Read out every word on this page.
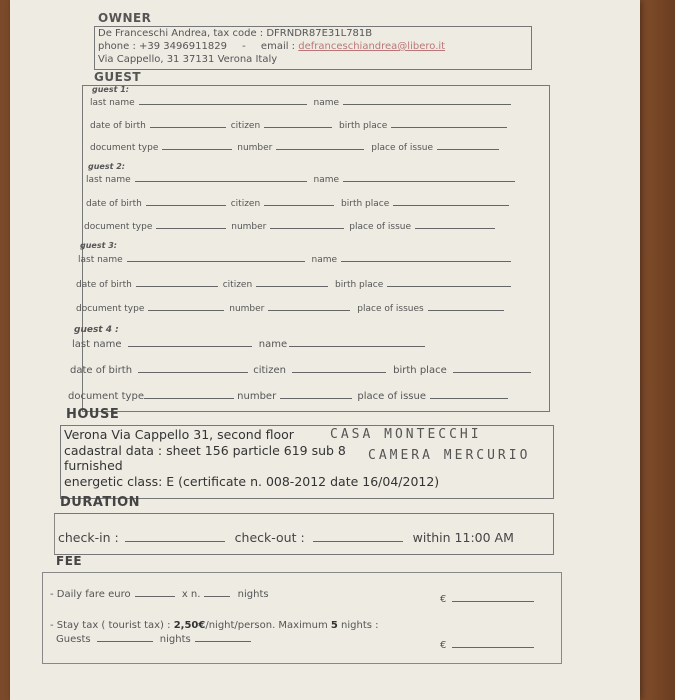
OWNER
De Franceschi Andrea, tax code : DFRNDR87E31L781B
phone : +39 3496911829 - email : defranceschiandrea@libero.it
Via Cappello, 31 37131 Verona Italy
GUEST
guest 1:
last name	name
date of birth	citizen	birth place
document type	number	place of issue
guest 2:
last name	name
date of birth	citizen	birth place
document type	number	place of issue
guest 3:
last name	name
date of birth	citizen	birth place
document type	number	place of issues
guest 4 :
last name	name
date of birth	citizen	birth place
document type	number	place of issue
HOUSE
Verona Via Cappello 31, second floor
cadastral data : sheet 156 particle 619 sub 8
furnished
energetic class: E (certificate n. 008-2012 date 16/04/2012)
CASA MONTECCHI
CAMERA MERCURIO
DURATION
check-in :	check-out :	within 11:00 AM
FEE
- Daily fare euro	x n.	nights	€
- Stay tax ( tourist tax) : 2,50€/night/person. Maximum 5 nights :
Guests	nights
€
